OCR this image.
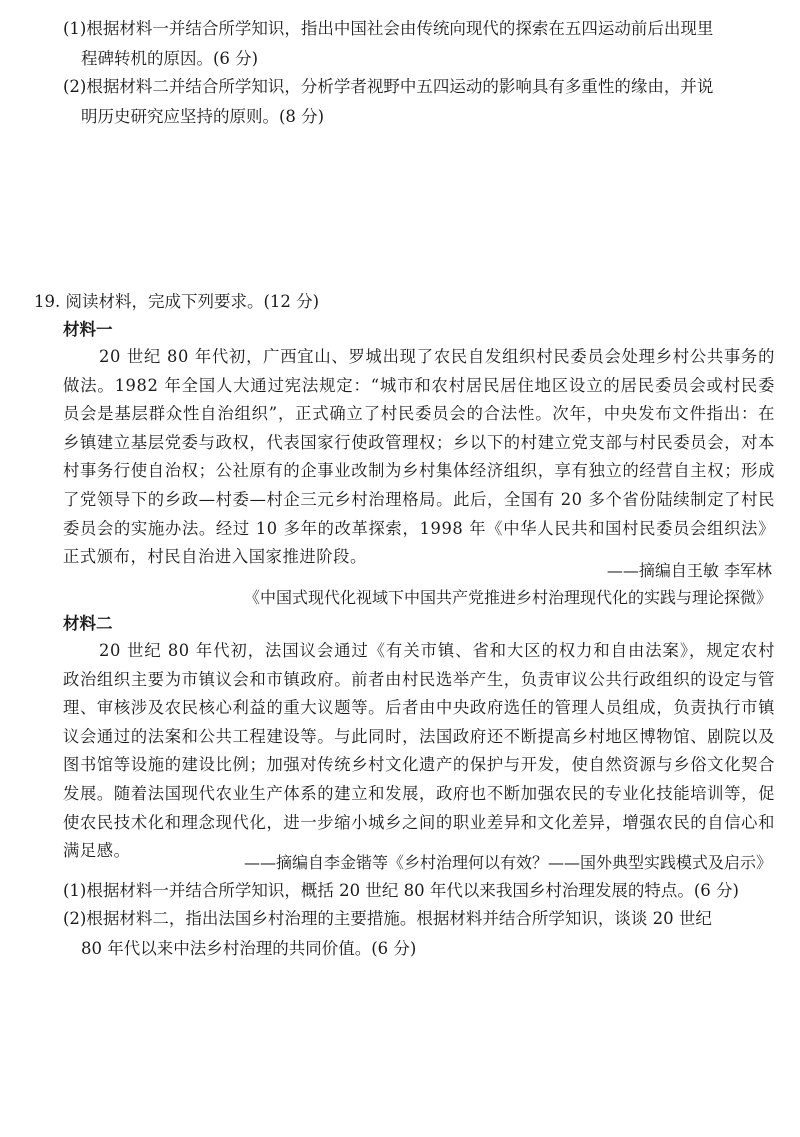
(1)根据材料一并结合所学知识，指出中国社会由传统向现代的探索在五四运动前后出现里
程碑转机的原因。(6 分)
(2)根据材料二并结合所学知识，分析学者视野中五四运动的影响具有多重性的缘由，并说
明历史研究应坚持的原则。(8 分)
19. 阅读材料，完成下列要求。(12 分)
材料一
20 世纪 80 年代初，广西宜山、罗城出现了农民自发组织村民委员会处理乡村公共事务的做法。1982 年全国人大通过宪法规定：“城市和农村居民居住地区设立的居民委员会或村民委员会是基层群众性自治组织”，正式确立了村民委员会的合法性。次年，中央发布文件指出：在乡镇建立基层党委与政权，代表国家行使政管理权；乡以下的村建立党支部与村民委员会，对本村事务行使自治权；公社原有的企事业改制为乡村集体经济组织，享有独立的经营自主权；形成了党领导下的乡政—村委—村企三元乡村治理格局。此后，全国有 20 多个省份陆续制定了村民委员会的实施办法。经过 10 多年的改革探索，1998 年《中华人民共和国村民委员会组织法》正式颁布，村民自治进入国家推进阶段。
——摘编自王敏 李军林
《中国式现代化视域下中国共产党推进乡村治理现代化的实践与理论探微》
材料二
20 世纪 80 年代初，法国议会通过《有关市镇、省和大区的权力和自由法案》，规定农村政治组织主要为市镇议会和市镇政府。前者由村民选举产生，负责审议公共行政组织的设定与管理、审核涉及农民核心利益的重大议题等。后者由中央政府选任的管理人员组成，负责执行市镇议会通过的法案和公共工程建设等。与此同时，法国政府还不断提高乡村地区博物馆、剧院以及图书馆等设施的建设比例；加强对传统乡村文化遗产的保护与开发，使自然资源与乡俗文化契合发展。随着法国现代农业生产体系的建立和发展，政府也不断加强农民的专业化技能培训等，促使农民技术化和理念现代化，进一步缩小城乡之间的职业差异和文化差异，增强农民的自信心和满足感。
——摘编自李金锴等《乡村治理何以有效？——国外典型实践模式及启示》
(1)根据材料一并结合所学知识，概括 20 世纪 80 年代以来我国乡村治理发展的特点。(6 分)
(2)根据材料二，指出法国乡村治理的主要措施。根据材料并结合所学知识，谈谈 20 世纪
80 年代以来中法乡村治理的共同价值。(6 分)
